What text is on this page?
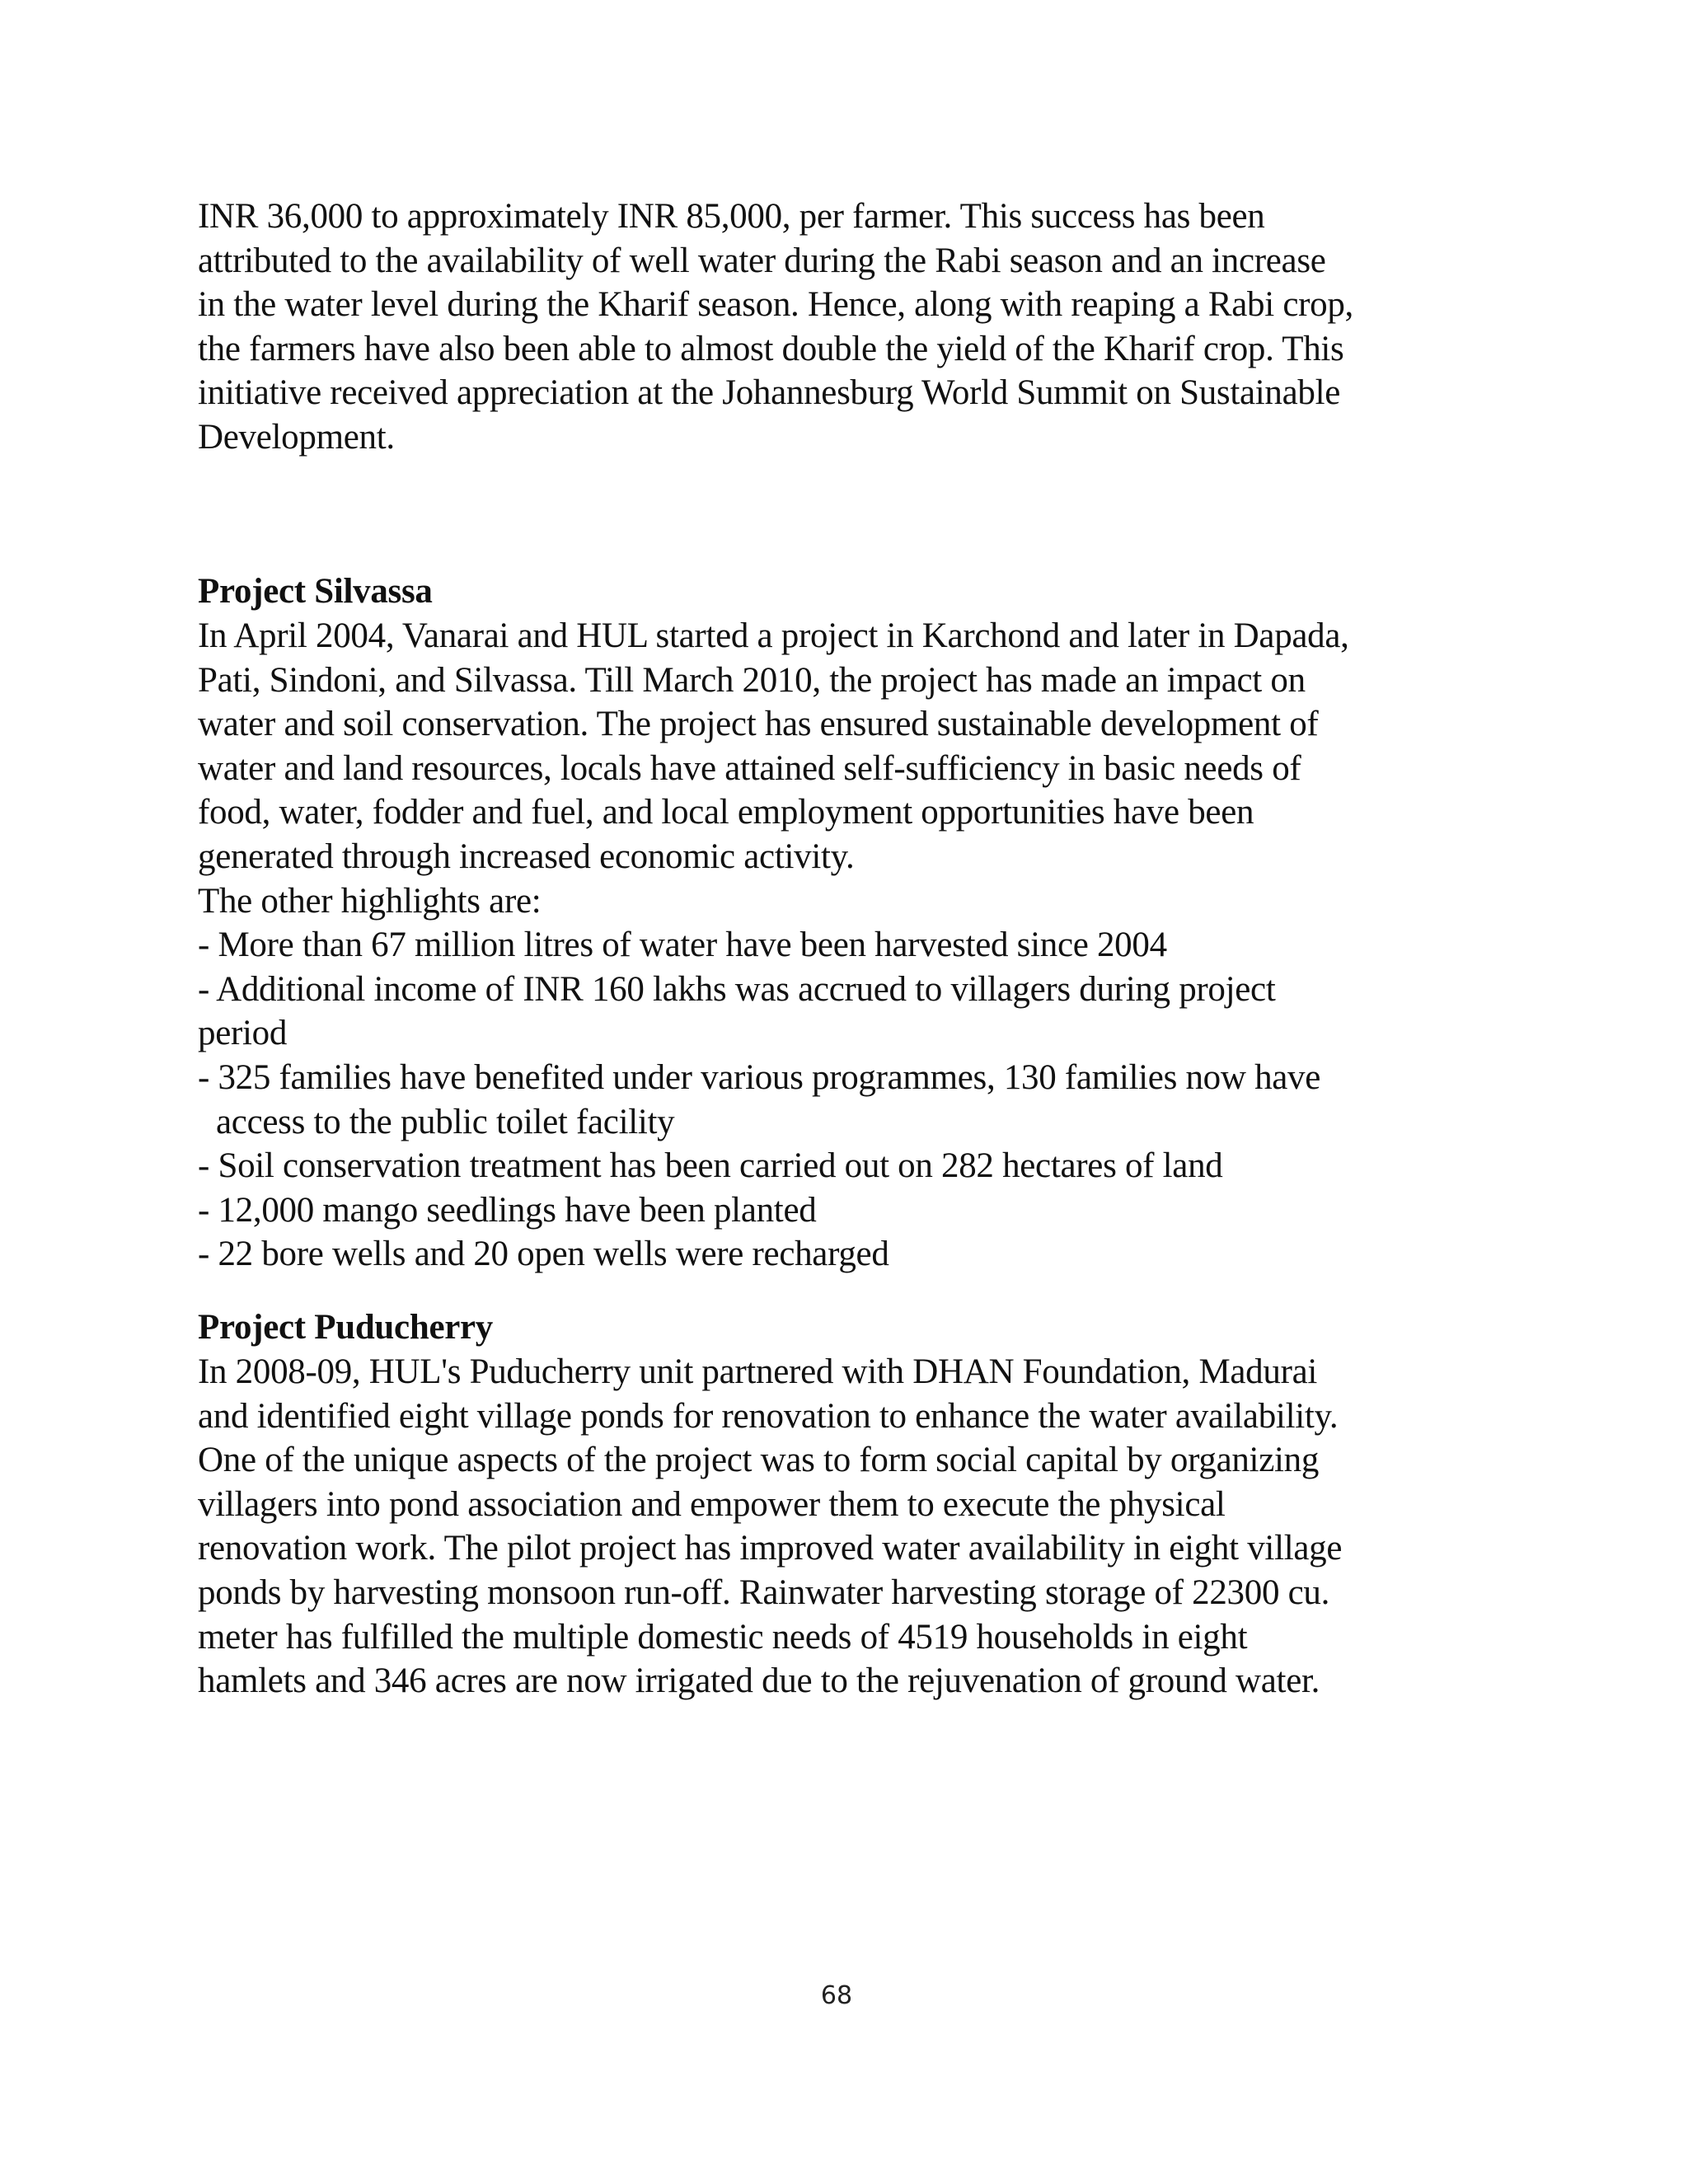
INR 36,000 to approximately INR 85,000, per farmer. This success has been
attributed to the availability of well water during the Rabi season and an increase
in the water level during the Kharif season. Hence, along with reaping a Rabi crop,
the farmers have also been able to almost double the yield of the Kharif crop. This
initiative received appreciation at the Johannesburg World Summit on Sustainable
Development.
Project Silvassa
In April 2004, Vanarai and HUL started a project in Karchond and later in Dapada,
Pati, Sindoni, and Silvassa. Till March 2010, the project has made an impact on
water and soil conservation. The project has ensured sustainable development of
water and land resources, locals have attained self-sufficiency in basic needs of
food, water, fodder and fuel, and local employment opportunities have been
generated through increased economic activity.
The other highlights are:
- More than 67 million litres of water have been harvested since 2004
- Additional income of INR 160 lakhs was accrued to villagers during project
period
- 325 families have benefited under various programmes, 130 families now have
access to the public toilet facility
- Soil conservation treatment has been carried out on 282 hectares of land
- 12,000 mango seedlings have been planted
- 22 bore wells and 20 open wells were recharged
Project Puducherry
In 2008-09, HUL's Puducherry unit partnered with DHAN Foundation, Madurai
and identified eight village ponds for renovation to enhance the water availability.
One of the unique aspects of the project was to form social capital by organizing
villagers into pond association and empower them to execute the physical
renovation work. The pilot project has improved water availability in eight village
ponds by harvesting monsoon run-off. Rainwater harvesting storage of 22300 cu.
meter has fulfilled the multiple domestic needs of 4519 households in eight
hamlets and 346 acres are now irrigated due to the rejuvenation of ground water.
68
